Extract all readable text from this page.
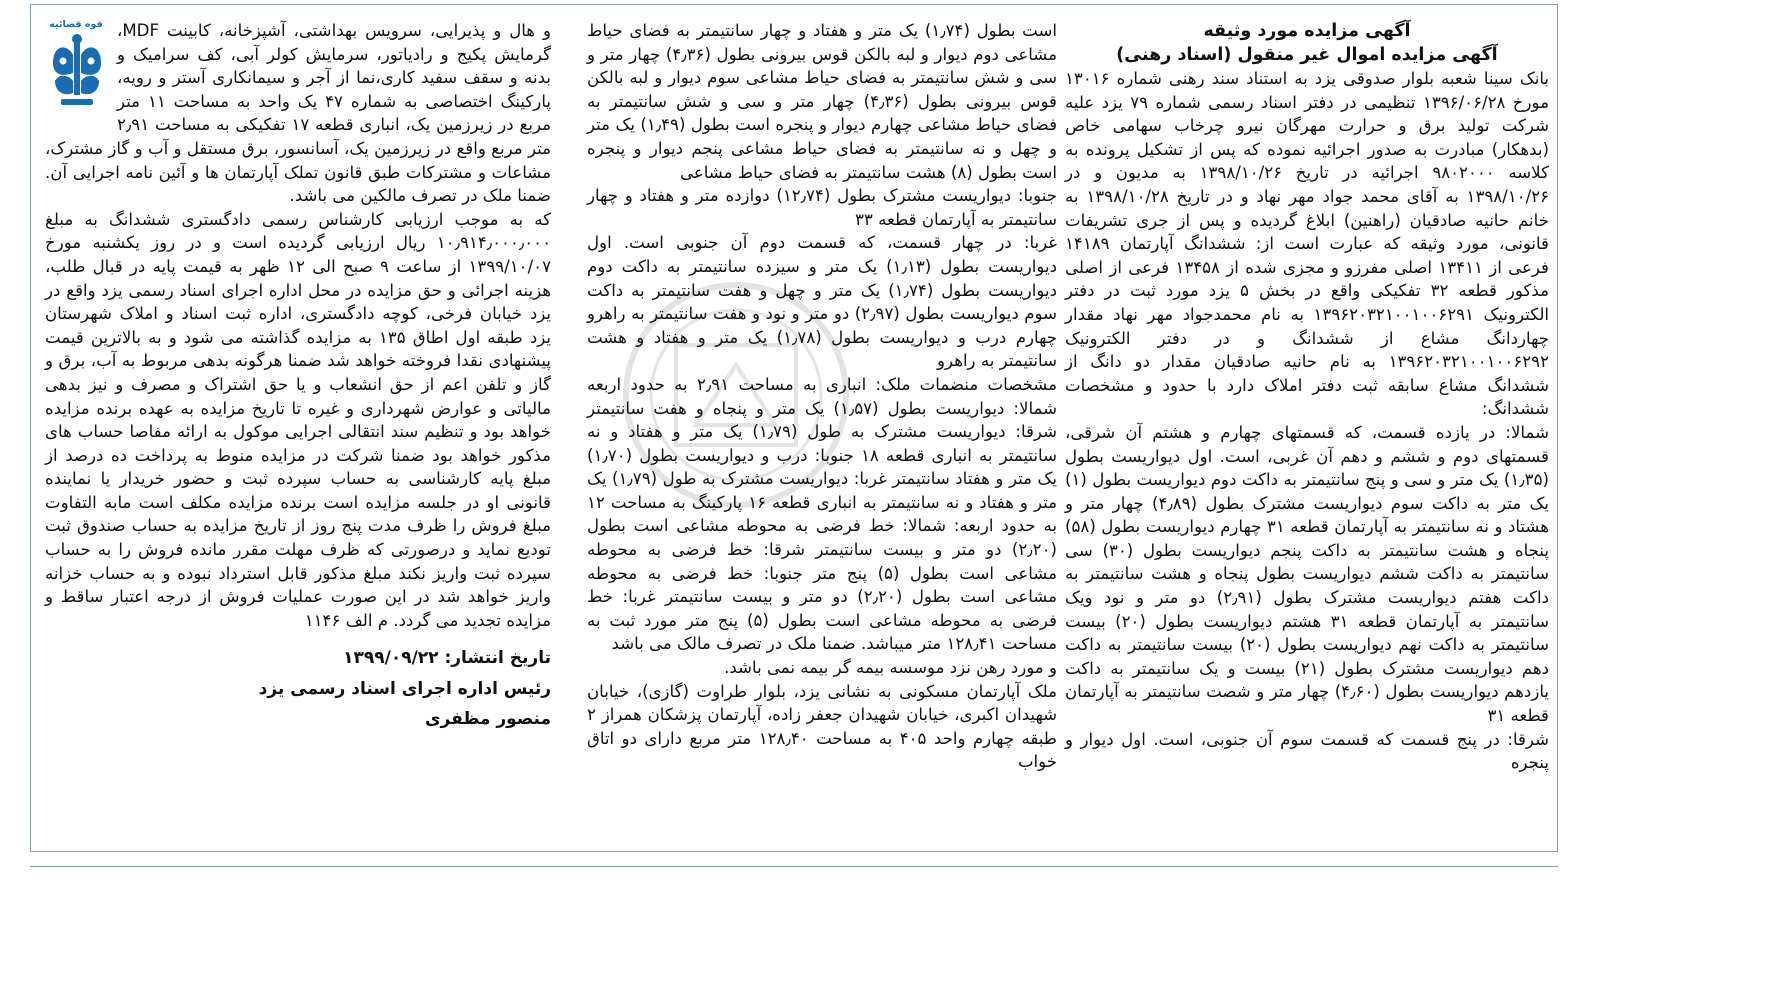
آگهی مزایده مورد وثیقه
آگهی مزایده اموال غیر منقول (اسناد رهنی)

بانک سینا شعبه بلوار صدوقی یزد به استناد سند رهنی شماره ۱۳۰۱۶ مورخ ۱۳۹۶/۰۶/۲۸ تنظیمی در دفتر اسناد رسمی شماره ۷۹ یزد علیه شرکت تولید برق و حرارت مهرگان نیرو چرخاب سهامی خاص (بدهکار) مبادرت به صدور اجرائیه نموده که پس از تشکیل پرونده به کلاسه ۹۸۰۲۰۰۰ اجرائیه در تاریخ ۱۳۹۸/۱۰/۲۶ به مدیون و در ۱۳۹۸/۱۰/۲۶ به آقای محمد جواد مهر نهاد و در تاریخ ۱۳۹۸/۱۰/۲۸ به خانم حانیه صادقیان (راهنین) ابلاغ گردیده و پس از جری تشریفات قانونی، مورد وثیقه که عبارت است از: ششدانگ آپارتمان ۱۴۱۸۹ فرعی از ۱۳۴۱۱ اصلی مفرزو و مجزی شده از ۱۳۴۵۸ فرعی از اصلی مذکور قطعه ۳۲ تفکیکی واقع در بخش ۵ یزد مورد ثبت در دفتر الکترونیک ۱۳۹۶۲۰۳۲۱۰۰۱۰۰۶۲۹۱ به نام محمدجواد مهر نهاد مقدار چهاردانگ مشاع از ششدانگ و در دفتر الکترونیک ۱۳۹۶۲۰۳۲۱۰۰۱۰۰۶۲۹۲ به نام حانیه صادقیان مقدار دو دانگ از ششدانگ مشاع سابقه ثبت دفتر املاک دارد با حدود و مشخصات ششدانگ:

شمالا: در یازده قسمت، که قسمتهای چهارم و هشتم آن شرقی، قسمتهای دوم و ششم و دهم آن غربی، است. اول دیواریست بطول (۱٫۳۵) یک متر و سی و پنج سانتیمتر به داکت دوم دیواریست بطول (۱) یک متر به داکت سوم دیواریست مشترک بطول (۴٫۸۹) چهار متر و هشتاد و نه سانتیمتر به آپارتمان قطعه ۳۱ چهارم دیواریست بطول (۵۸) پنجاه و هشت سانتیمتر به داکت پنجم دیواریست بطول (۳۰) سی سانتیمتر به داکت ششم دیواریست بطول پنجاه و هشت سانتیمتر به داکت هفتم دیواریست مشترک بطول (۲٫۹۱) دو متر و نود ویک سانتیمتر به آپارتمان قطعه ۳۱ هشتم دیواریست بطول (۲۰) بیست سانتیمتر به داکت نهم دیواریست بطول (۲۰) بیست سانتیمتر به داکت دهم دیواریست مشترک بطول (۲۱) بیست و یک سانتیمتر به داکت یازدهم دیواریست بطول (۴٫۶۰) چهار متر و شصت سانتیمتر به آپارتمان قطعه ۳۱

شرقا: در پنج قسمت که قسمت سوم آن جنوبی، است. اول دیوار و پنجره

است بطول (۱٫۷۴) یک متر و هفتاد و چهار سانتیمتر به فضای حیاط مشاعی دوم دیوار و لبه بالکن قوس بیرونی بطول (۴٫۳۶) چهار متر و سی و شش سانتیمتر به فضای حیاط مشاعی سوم دیوار و لبه بالکن قوس بیرونی بطول (۴٫۳۶) چهار متر و سی و شش سانتیمتر به فضای حیاط مشاعی چهارم دیوار و پنجره است بطول (۱٫۴۹) یک متر و چهل و نه سانتیمتر به فضای حیاط مشاعی پنجم دیوار و پنجره است بطول (۸) هشت سانتیمتر به فضای حیاط مشاعی

جنوبا: دیواریست مشترک بطول (۱۲٫۷۴) دوازده متر و هفتاد و چهار سانتیمتر به آپارتمان قطعه ۳۳

غربا: در چهار قسمت، که قسمت دوم آن جنوبی است. اول دیواریست بطول (۱٫۱۳) یک متر و سیزده سانتیمتر به داکت دوم دیواریست بطول (۱٫۷۴) یک متر و چهل و هفت سانتیمتر به داکت سوم دیواریست بطول (۲٫۹۷) دو متر و نود و هفت سانتیمتر به راهرو چهارم درب و دیواریست بطول (۱٫۷۸) یک متر و هفتاد و هشت سانتیمتر به راهرو

مشخصات منضمات ملک: انباری به مساحت ۲٫۹۱ به حدود اربعه شمالا: دیواریست بطول (۱٫۵۷) یک متر و پنجاه و هفت سانتیمتر شرقا: دیواریست مشترک به طول (۱٫۷۹) یک متر و هفتاد و نه سانتیمتر به انباری قطعه ۱۸ جنوبا: درب و دیواریست بطول (۱٫۷۰) یک متر و هفتاد سانتیمتر غربا: دیواریست مشترک به طول (۱٫۷۹) یک متر و هفتاد و نه سانتیمتر به انباری قطعه ۱۶ پارکینگ به مساحت ۱۲ به حدود اربعه: شمالا: خط فرضی به محوطه مشاعی است بطول (۲٫۲۰) دو متر و بیست سانتیمتر شرقا: خط فرضی به محوطه مشاعی است بطول (۵) پنج متر جنوبا: خط فرضی به محوطه مشاعی است بطول (۲٫۲۰) دو متر و بیست سانتیمتر غربا: خط فرضی به محوطه مشاعی است بطول (۵) پنج متر مورد ثبت به مساحت ۱۲۸٫۴۱ متر میباشد. ضمنا ملک در تصرف مالک می باشد

و مورد رهن نزد موسسه بیمه گر بیمه نمی باشد.

ملک آپارتمان مسکونی به نشانی یزد، بلوار طراوت (گازی)، خیابان شهیدان اکبری، خیابان شهیدان جعفر زاده، آپارتمان پزشکان همراز ۲ طبقه چهارم واحد ۴۰۵ به مساحت ۱۲۸٫۴۰ متر مربع دارای دو اتاق خواب

و هال و پذیرایی، سرویس بهداشتی، آشپزخانه، کابینت MDF، گرمایش پکیج و رادیاتور، سرمایش کولر آبی، کف سرامیک و بدنه و سقف سفید کاری،نما از آجر و سیمانکاری آستر و رویه، پارکینگ اختصاصی به شماره ۴۷ یک واحد به مساحت ۱۱ متر مربع در زیرزمین یک، انباری قطعه ۱۷ تفکیکی به مساحت ۲٫۹۱ متر مربع واقع در زیرزمین یک، آسانسور، برق مستقل و آب و گاز مشترک، مشاعات و مشترکات طبق قانون تملک آپارتمان ها و آئین نامه اجرایی آن. ضمنا ملک در تصرف مالکین می باشد.

که به موجب ارزیابی کارشناس رسمی دادگستری ششدانگ به مبلغ ۱۰٫۹۱۴٫۰۰۰٫۰۰۰ ریال ارزیابی گردیده است و در روز یکشنبه مورخ ۱۳۹۹/۱۰/۰۷ از ساعت ۹ صبح الی ۱۲ ظهر به قیمت پایه در قبال طلب، هزینه اجرائی و حق مزایده در محل اداره اجرای اسناد رسمی یزد واقع در یزد خیابان فرخی، کوچه دادگستری، اداره ثبت اسناد و املاک شهرستان یزد طبقه اول اطاق ۱۳۵ به مزایده گذاشته می شود و به بالاترین قیمت پیشنهادی نقدا فروخته خواهد شد ضمنا هرگونه بدهی مربوط به آب، برق و گاز و تلفن اعم از حق انشعاب و یا حق اشتراک و مصرف و نیز بدهی مالیاتی و عوارض شهرداری و غیره تا تاریخ مزایده به عهده برنده مزایده خواهد بود و تنظیم سند انتقالی اجرایی موکول به ارائه مفاصا حساب های مذکور خواهد بود ضمنا شرکت در مزایده منوط به پرداخت ده درصد از مبلغ پایه کارشناسی به حساب سپرده ثبت و حضور خریدار یا نماینده قانونی او در جلسه مزایده است برنده مزایده مکلف است مابه التفاوت مبلغ فروش را ظرف مدت پنج روز از تاریخ مزایده به حساب صندوق ثبت تودیع نماید و درصورتی که ظرف مهلت مقرر مانده فروش را به حساب سپرده ثبت واریز نکند مبلغ مذکور قابل استرداد نبوده و به حساب خزانه واریز خواهد شد در این صورت عملیات فروش از درجه اعتبار ساقط و مزایده تجدید می گردد. م الف ۱۱۴۶

تاریخ انتشار: ۱۳۹۹/۰۹/۲۲
رئیس اداره اجرای اسناد رسمی یزد
منصور مظفری
قوه قضائیه
